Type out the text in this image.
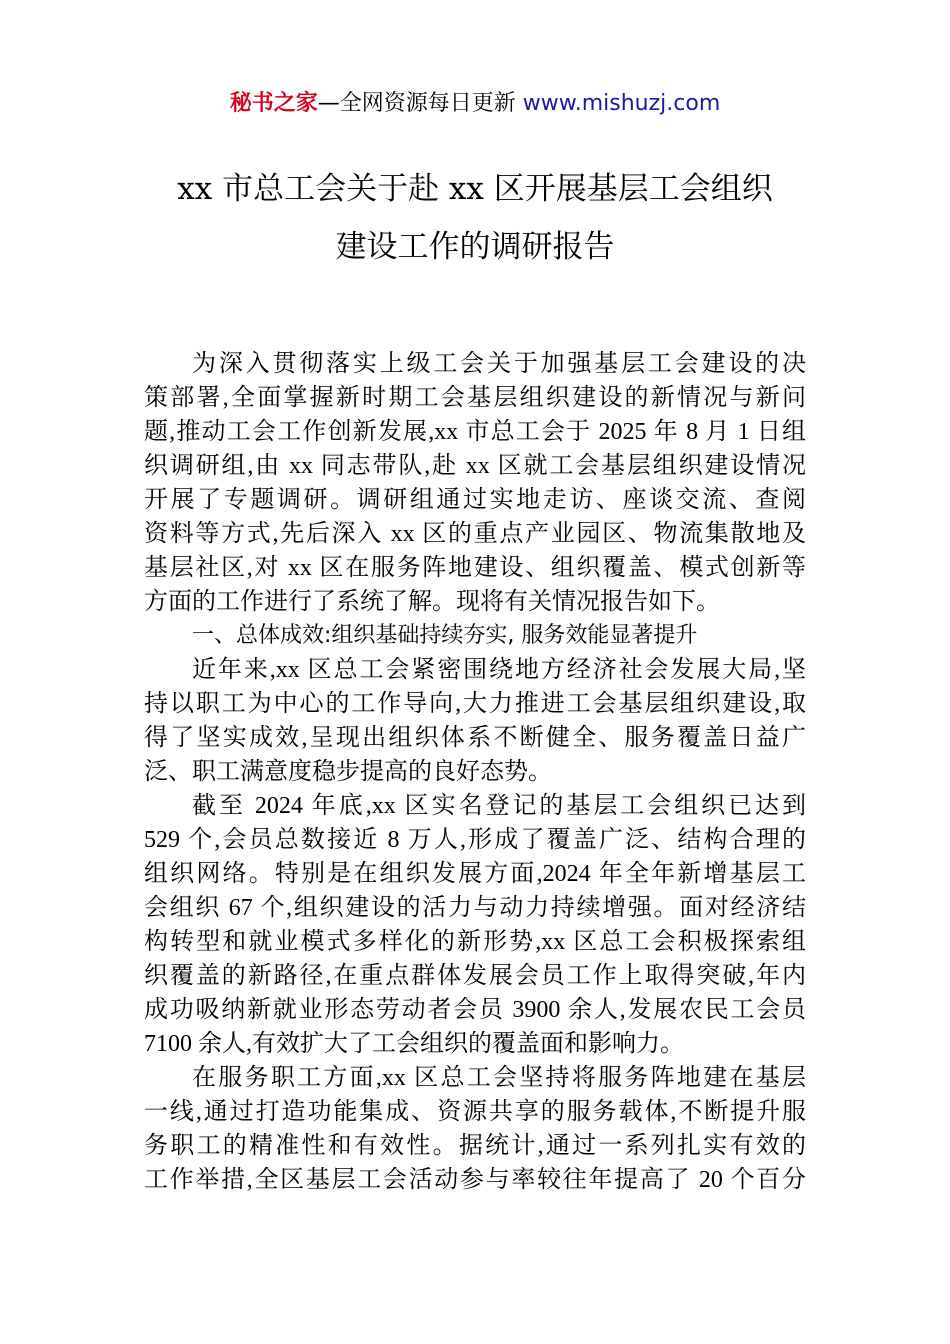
秘书之家—全网资源每日更新 www.mishuzj.com
xx 市总工会关于赴 xx 区开展基层工会组织
建设工作的调研报告
为深入贯彻落实上级工会关于加强基层工会建设的决
策部署,全面掌握新时期工会基层组织建设的新情况与新问
题,推动工会工作创新发展,xx 市总工会于 2025 年 8 月 1 日组
织调研组,由 xx 同志带队,赴 xx 区就工会基层组织建设情况
开展了专题调研。调研组通过实地走访、座谈交流、查阅
资料等方式,先后深入 xx 区的重点产业园区、物流集散地及
基层社区,对 xx 区在服务阵地建设、组织覆盖、模式创新等
方面的工作进行了系统了解。现将有关情况报告如下。
一、总体成效:组织基础持续夯实, 服务效能显著提升
近年来,xx 区总工会紧密围绕地方经济社会发展大局,坚
持以职工为中心的工作导向,大力推进工会基层组织建设,取
得了坚实成效,呈现出组织体系不断健全、服务覆盖日益广
泛、职工满意度稳步提高的良好态势。
截至 2024 年底,xx 区实名登记的基层工会组织已达到
529 个,会员总数接近 8 万人,形成了覆盖广泛、结构合理的
组织网络。特别是在组织发展方面,2024 年全年新增基层工
会组织 67 个,组织建设的活力与动力持续增强。面对经济结
构转型和就业模式多样化的新形势,xx 区总工会积极探索组
织覆盖的新路径,在重点群体发展会员工作上取得突破,年内
成功吸纳新就业形态劳动者会员 3900 余人,发展农民工会员
7100 余人,有效扩大了工会组织的覆盖面和影响力。
在服务职工方面,xx 区总工会坚持将服务阵地建在基层
一线,通过打造功能集成、资源共享的服务载体,不断提升服
务职工的精准性和有效性。据统计,通过一系列扎实有效的
工作举措,全区基层工会活动参与率较往年提高了 20 个百分
